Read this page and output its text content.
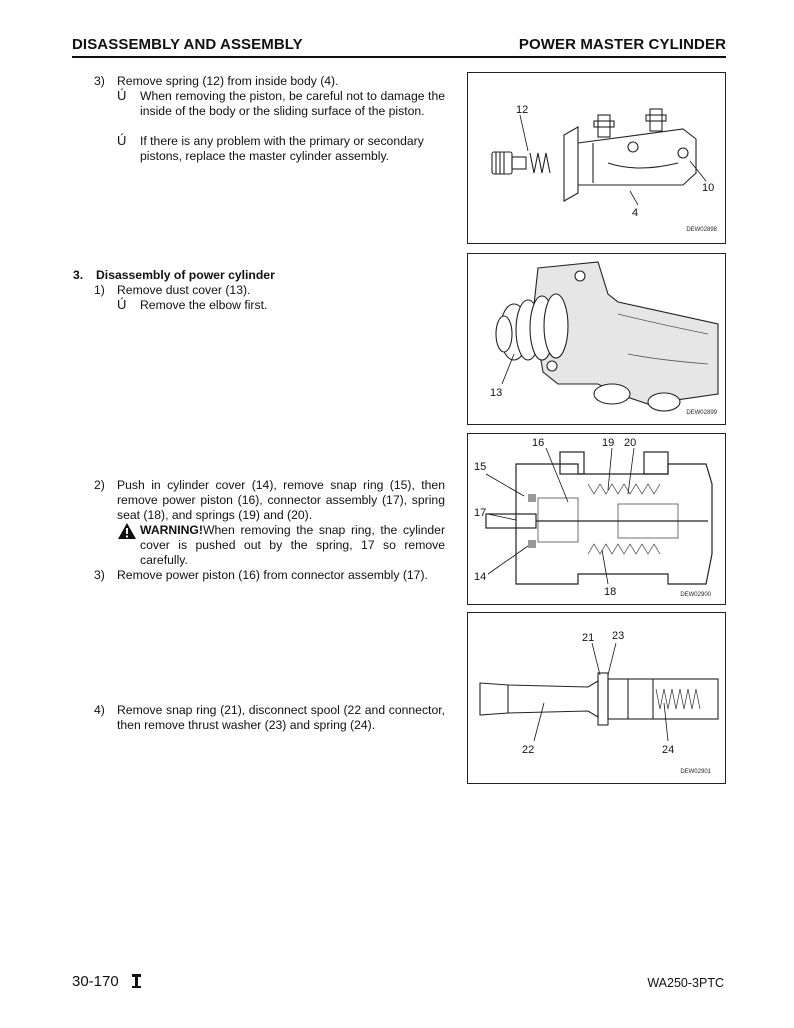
DISASSEMBLY AND ASSEMBLY	POWER MASTER CYLINDER
3) Remove spring (12) from inside body (4).
Ú When removing the piston, be careful not to damage the inside of the body or the sliding surface of the piston.
Ú If there is any problem with the primary or secondary pistons, replace the master cylinder assembly.
3. Disassembly of power cylinder
1) Remove dust cover (13).
Ú Remove the elbow first.
2) Push in cylinder cover (14), remove snap ring (15), then remove power piston (16), connector assembly (17), spring seat (18), and springs (19) and (20).
WARNING!When removing the snap ring, the cylinder cover is pushed out by the spring, 17 so remove carefully.
3) Remove power piston (16) from connector assembly (17).
4) Remove snap ring (21), disconnect spool (22 and connector, then remove thrust washer (23) and spring (24).
12
10
4
DEW02898
13
DEW02899
16	19 20
15
17
14
18	DEW02900
21 23
22	24
DEW02901
30-170	WA250-3PTC
